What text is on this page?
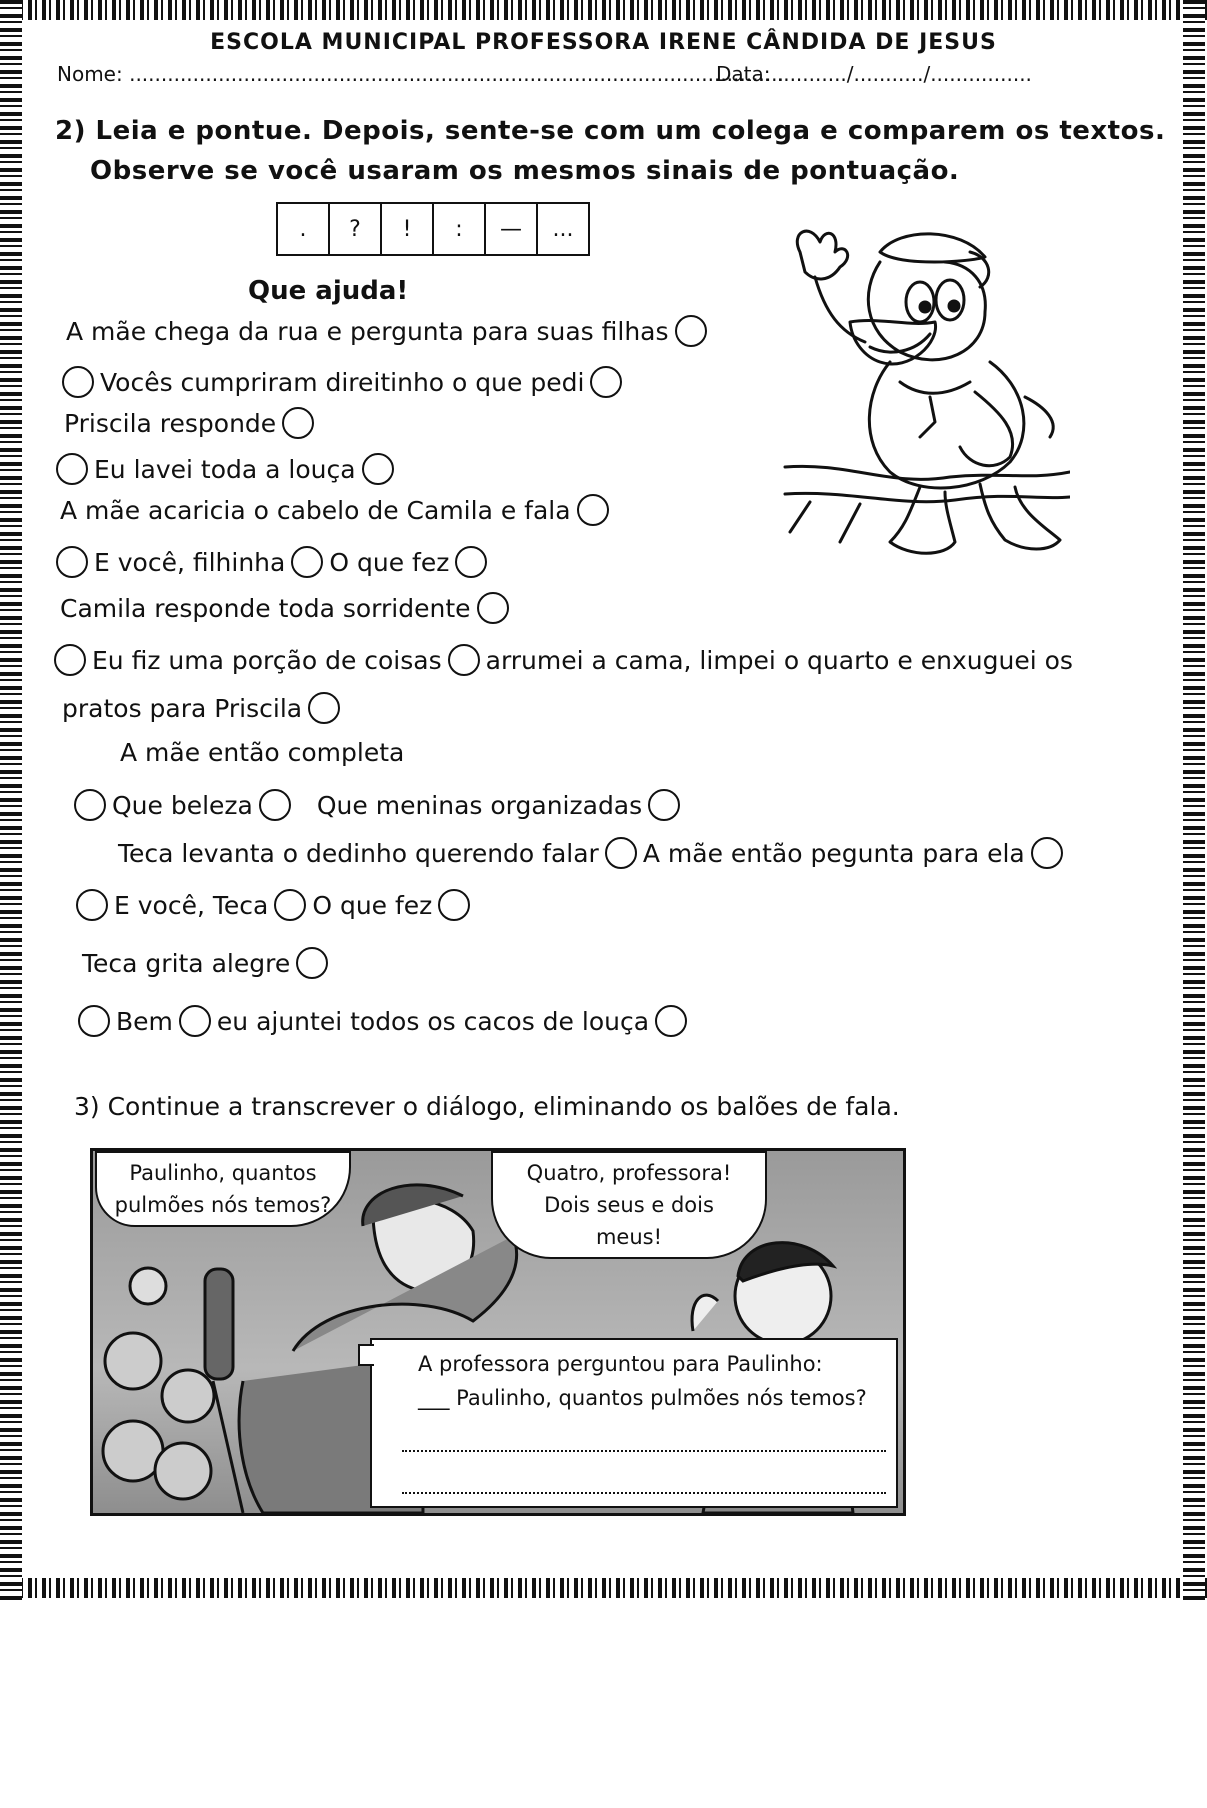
ESCOLA MUNICIPAL PROFESSORA IRENE CÂNDIDA DE JESUS
Nome: .......................................................................................................
Data: .........../.........../................
2) Leia e pontue. Depois, sente-se com um colega e comparem os textos.
Observe se você usaram os mesmos sinais de pontuação.
.	?	!	:	—	...
Que ajuda!
A mãe chega da rua e pergunta para suas filhas
Vocês cumpriram direitinho o que pedi
Priscila responde
Eu lavei toda a louça
A mãe acaricia o cabelo de Camila e fala
E você, filhinha O que fez
Camila responde toda sorridente
Eu fiz uma porção de coisas arrumei a cama, limpei o quarto e enxuguei os
pratos para Priscila
A mãe então completa
Que beleza	Que meninas organizadas
Teca levanta o dedinho querendo falar A mãe então pegunta para ela
E você, Teca O que fez
Teca grita alegre
Bem eu ajuntei todos os cacos de louça
3) Continue a transcrever o diálogo, eliminando os balões de fala.
Paulinho, quantos
pulmões nós temos?
Quatro, professora!
Dois seus e dois meus!
A professora perguntou para Paulinho:
___ Paulinho, quantos pulmões nós temos?
